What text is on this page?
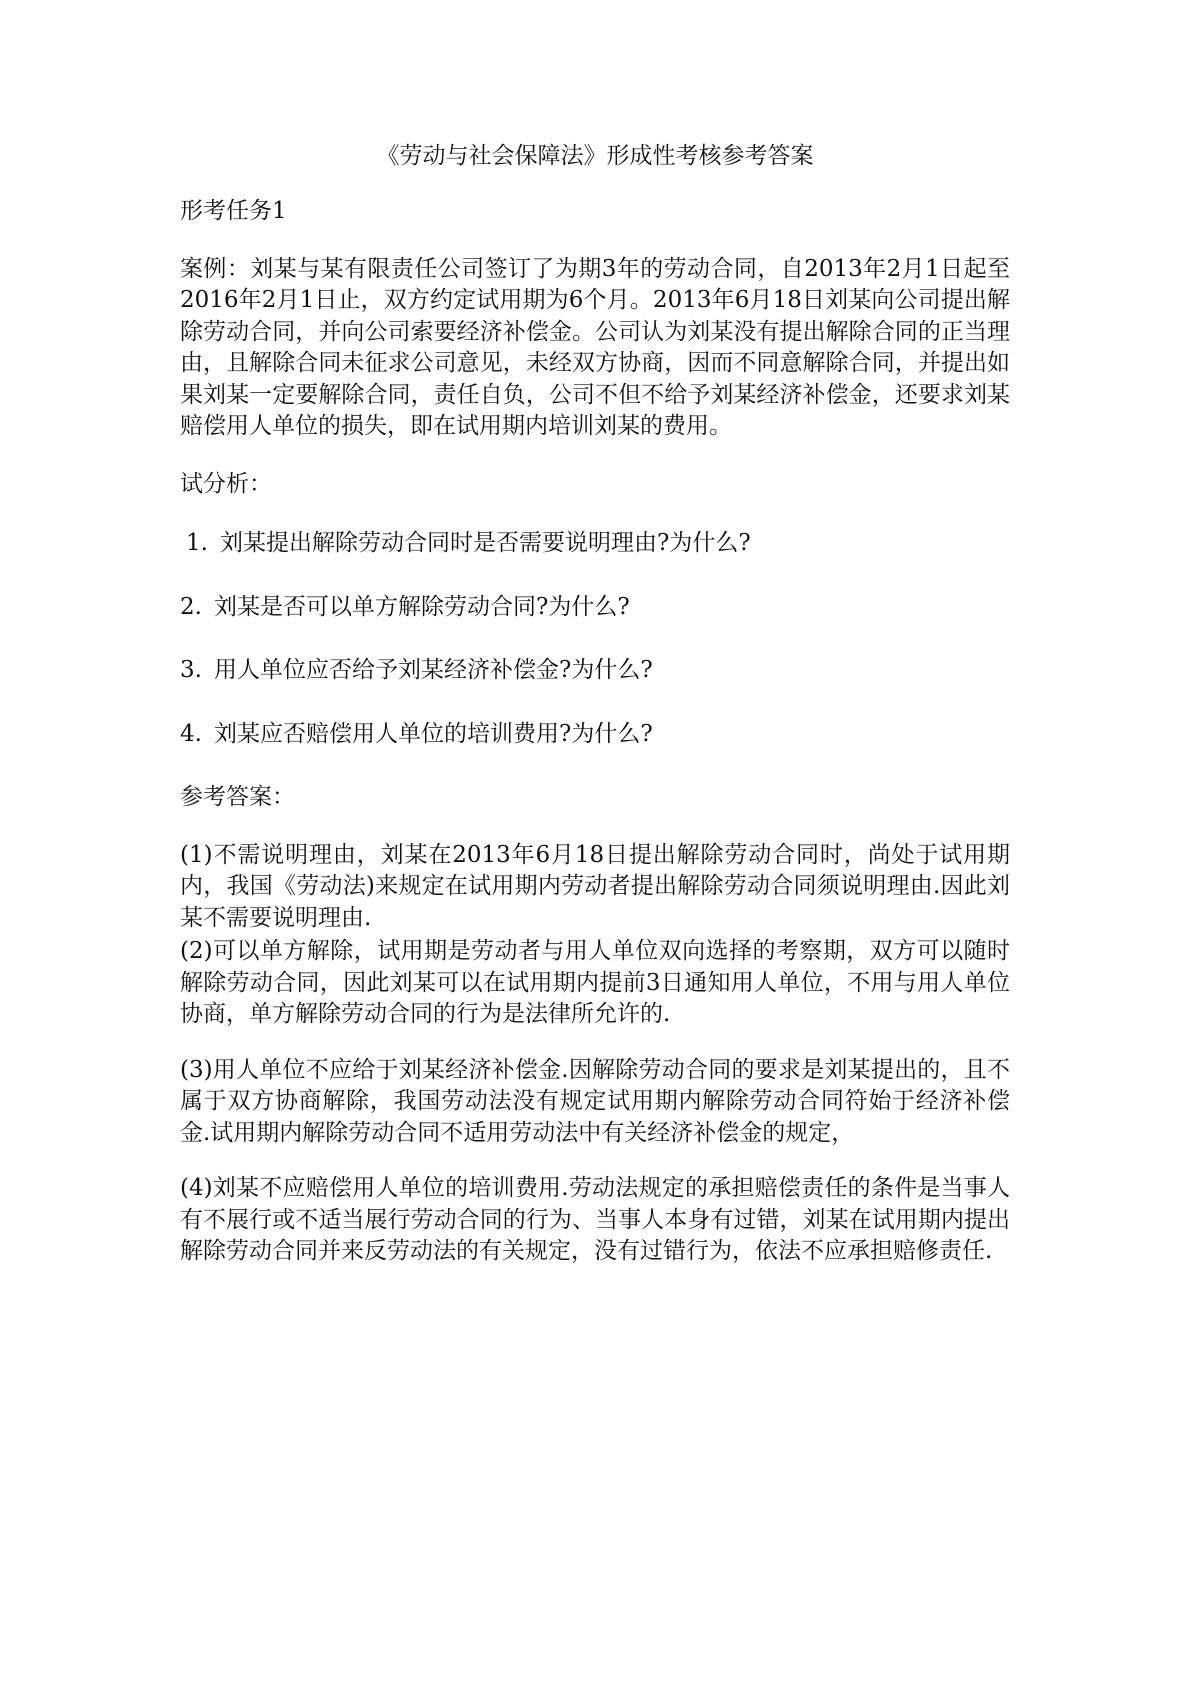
《劳动与社会保障法》形成性考核参考答案

形考任务1

案例：刘某与某有限责任公司签订了为期3年的劳动合同，自2013年2月1日起至2016年2月1日止，双方约定试用期为6个月。2013年6月18日刘某向公司提出解除劳动合同，并向公司索要经济补偿金。公司认为刘某没有提出解除合同的正当理由，且解除合同未征求公司意见，未经双方协商，因而不同意解除合同，并提出如果刘某一定要解除合同，责任自负，公司不但不给予刘某经济补偿金，还要求刘某赔偿用人单位的损失，即在试用期内培训刘某的费用。

试分析：

1. 刘某提出解除劳动合同时是否需要说明理由?为什么?
2. 刘某是否可以单方解除劳动合同?为什么?
3. 用人单位应否给予刘某经济补偿金?为什么?
4. 刘某应否赔偿用人单位的培训费用?为什么?

参考答案：

(1)不需说明理由，刘某在2013年6月18日提出解除劳动合同时，尚处于试用期内，我国《劳动法)来规定在试用期内劳动者提出解除劳动合同须说明理由.因此刘某不需要说明理由.

(2)可以单方解除，试用期是劳动者与用人单位双向选择的考察期，双方可以随时解除劳动合同，因此刘某可以在试用期内提前3日通知用人单位，不用与用人单位协商，单方解除劳动合同的行为是法律所允许的.

(3)用人单位不应给于刘某经济补偿金.因解除劳动合同的要求是刘某提出的，且不属于双方协商解除，我国劳动法没有规定试用期内解除劳动合同符始于经济补偿金.试用期内解除劳动合同不适用劳动法中有关经济补偿金的规定，

(4)刘某不应赔偿用人单位的培训费用.劳动法规定的承担赔偿责任的条件是当事人有不展行或不适当展行劳动合同的行为、当事人本身有过错，刘某在试用期内提出解除劳动合同并来反劳动法的有关规定，没有过错行为，依法不应承担赔修责任.
